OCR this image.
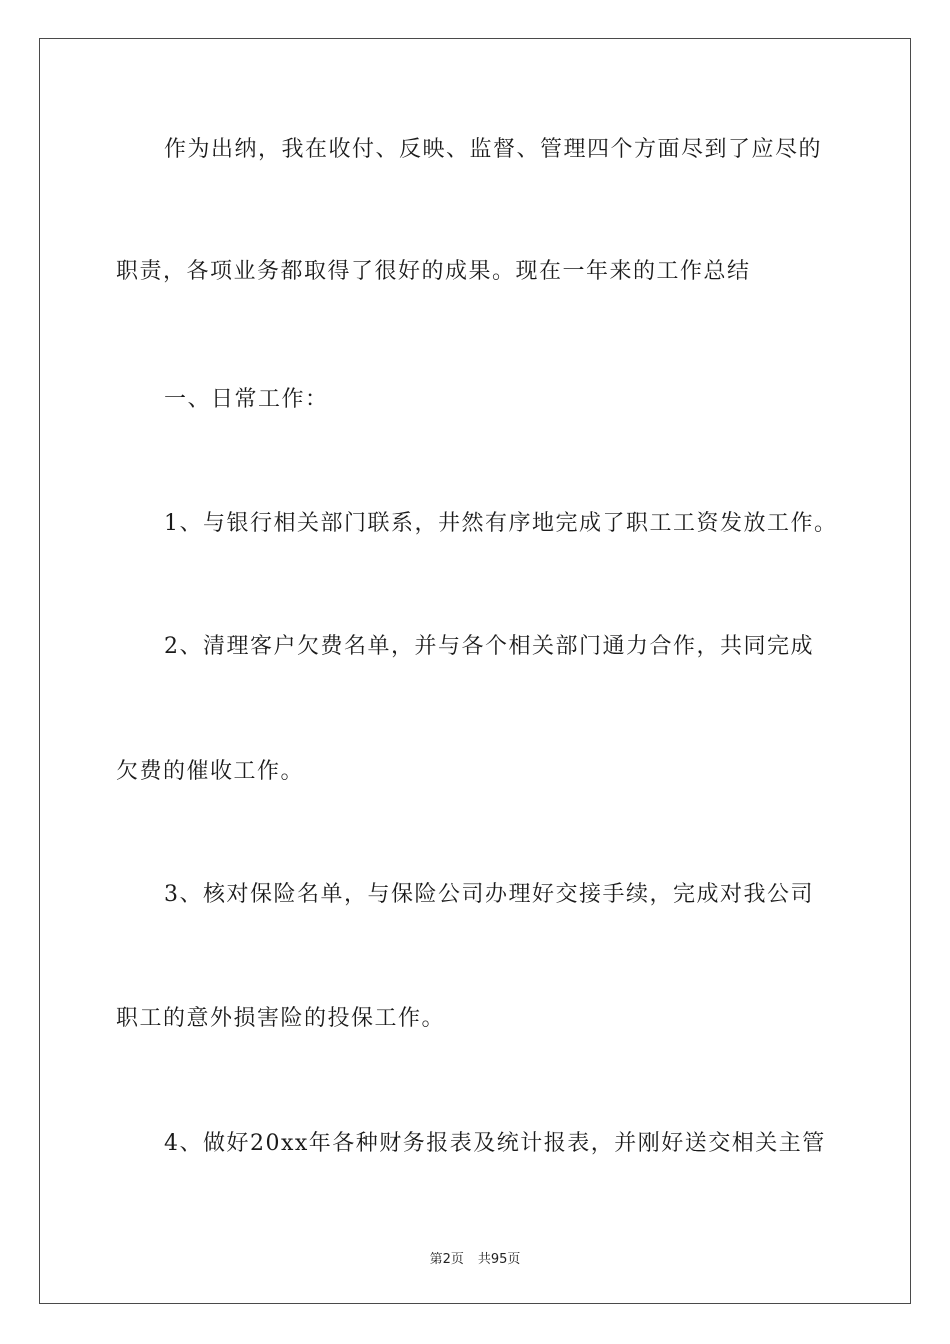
作为出纳，我在收付、反映、监督、管理四个方面尽到了应尽的
职责，各项业务都取得了很好的成果。现在一年来的工作总结
一、日常工作：
1、与银行相关部门联系，井然有序地完成了职工工资发放工作。
2、清理客户欠费名单，并与各个相关部门通力合作，共同完成
欠费的催收工作。
3、核对保险名单，与保险公司办理好交接手续，完成对我公司
职工的意外损害险的投保工作。
4、做好20xx年各种财务报表及统计报表，并刚好送交相关主管
第2页 共95页
